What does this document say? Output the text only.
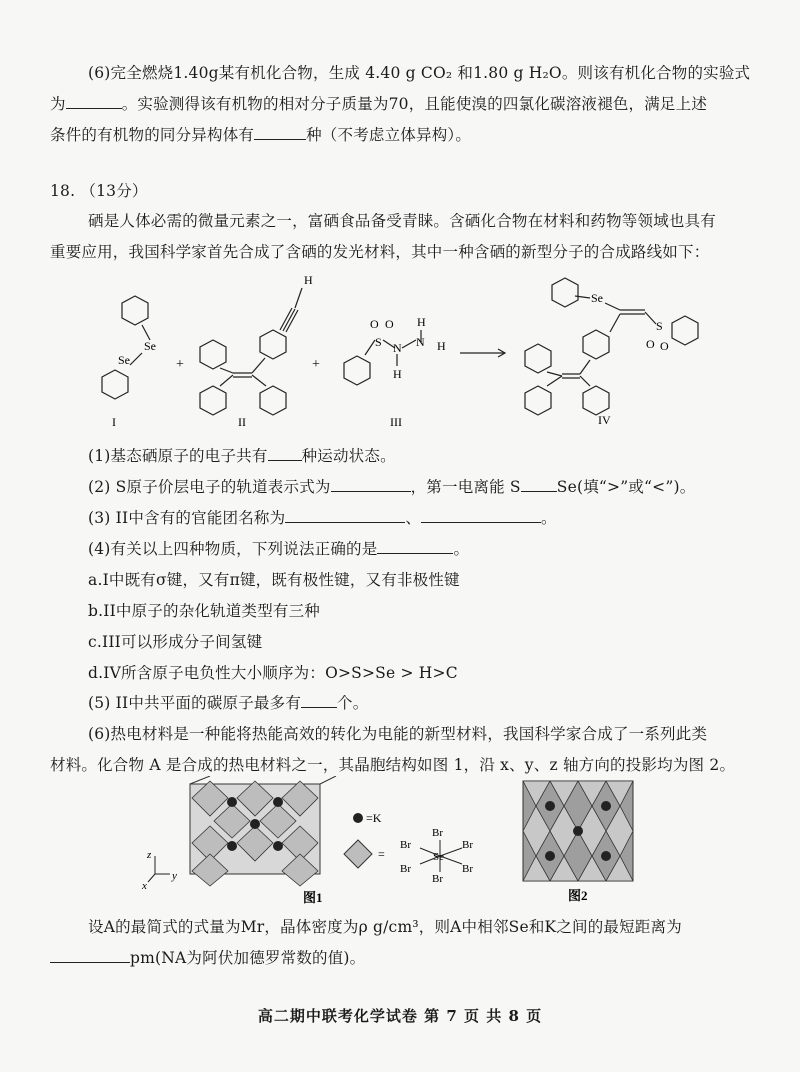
(6)完全燃烧1.40g某有机化合物，生成 4.40 g CO₂ 和1.80 g H₂O。则该有机化合物的实验式
为	。实验测得该有机物的相对分子质量为70，且能使溴的四氯化碳溶液褪色，满足上述
条件的有机物的同分异构体有	种（不考虑立体异构）。
18. （13分）
硒是人体必需的微量元素之一，富硒食品备受青睐。含硒化合物在材料和药物等领域也具有
重要应用，我国科学家首先合成了含硒的发光材料，其中一种含硒的新型分子的合成路线如下：
Se
Se
I
+
H
II
+
O O
S N N
H
H
H
III
Se
S
O O
IV
(1)基态硒原子的电子共有 种运动状态。
(2) S原子价层电子的轨道表示式为	，第一电离能 S Se(填“>”或“<”)。
(3) II中含有的官能团名称为	、	。
(4)有关以上四种物质，下列说法正确的是	。
a.I中既有σ键，又有π键，既有极性键，又有非极性键
b.II中原子的杂化轨道类型有三种
c.III可以形成分子间氢键
d.IV所含原子电负性大小顺序为：O>S>Se > H>C
(5) II中共平面的碳原子最多有 个。
(6)热电材料是一种能将热能高效的转化为电能的新型材料，我国科学家合成了一系列此类
材料。化合物 A 是合成的热电材料之一，其晶胞结构如图 1，沿 x、y、z 轴方向的投影均为图 2。
z
y
x
图1
=K
=	Se
Br
Br
Br	Br
Br	Br
图2
设A的最简式的式量为Mr，晶体密度为ρ g/cm³，则A中相邻Se和K之间的最短距离为
pm(NA为阿伏加德罗常数的值)。
高二期中联考化学试卷 第 7 页 共 8 页
